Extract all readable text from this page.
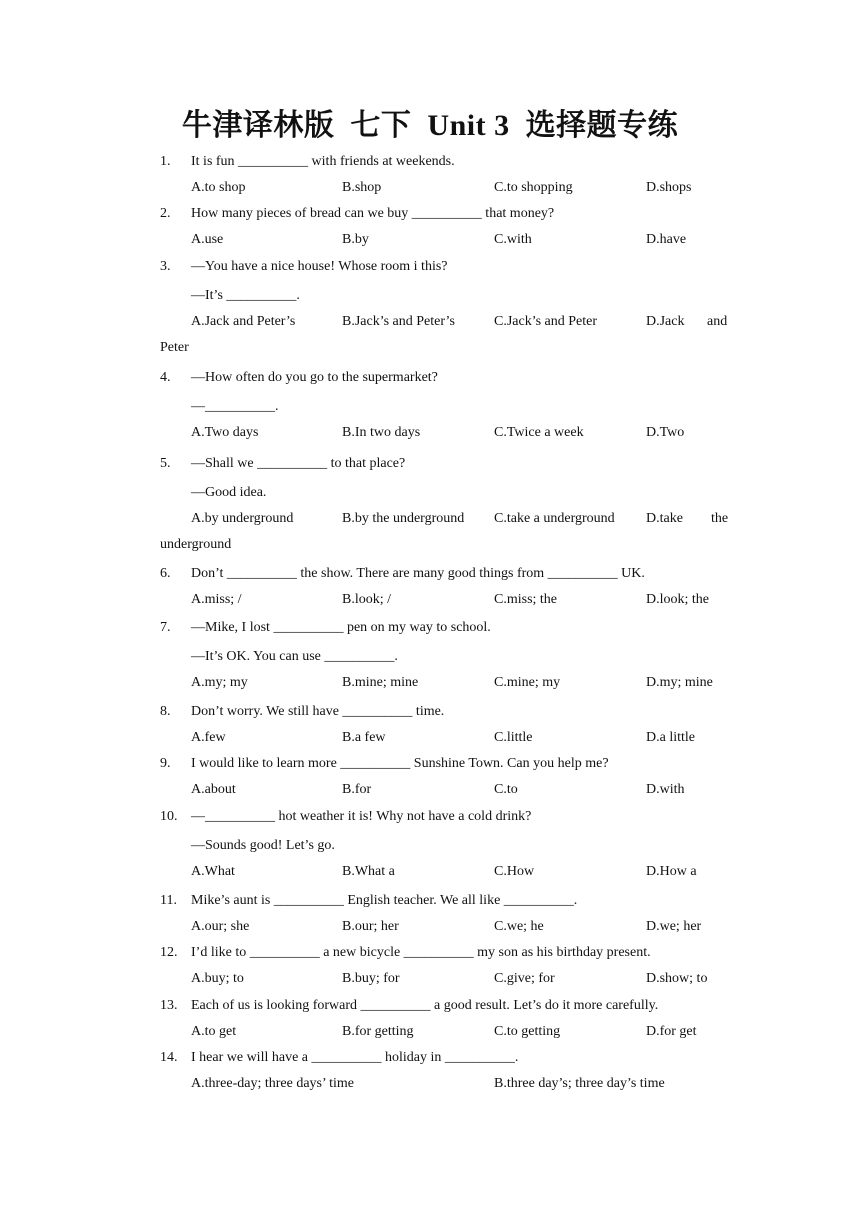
牛津译林版  七下  Unit 3  选择题专练
1.	It is fun __________ with friends at weekends.
A.to shop	B.shop	C.to shopping	D.shops
2.	How many pieces of bread can we buy __________ that money?
A.use	B.by	C.with	D.have
3.	—You have a nice house! Whose room i this?
—It’s __________.
A.Jack and Peter’s	B.Jack’s and Peter’s	C.Jack’s and Peter	D.Jack and
Peter
4.	—How often do you go to the supermarket?
—__________.
A.Two days	B.In two days	C.Twice a week	D.Two
5.	—Shall we __________ to that place?
—Good idea.
A.by underground	B.by the underground C.take a underground D.take the
underground
6.	Don’t __________ the show. There are many good things from __________ UK.
A.miss; /	B.look; /	C.miss; the	D.look; the
7.	—Mike, I lost __________ pen on my way to school.
—It’s OK. You can use __________.
A.my; my	B.mine; mine	C.mine; my	D.my; mine
8.	Don’t worry. We still have __________ time.
A.few	B.a few	C.little	D.a little
9.	I would like to learn more __________ Sunshine Town. Can you help me?
A.about	B.for	C.to	D.with
10. —__________ hot weather it is! Why not have a cold drink?
—Sounds good! Let’s go.
A.What	B.What a	C.How	D.How a
11.	Mike’s aunt is __________ English teacher. We all like __________.
A.our; she	B.our; her	C.we; he	D.we; her
12. I’d like to __________ a new bicycle __________ my son as his birthday present.
A.buy; to	B.buy; for	C.give; for	D.show; to
13. Each of us is looking forward __________ a good result. Let’s do it more carefully.
A.to get	B.for getting	C.to getting	D.for get
14. I hear we will have a __________ holiday in __________.
A.three-day; three days’ time	B.three day’s; three day’s time
